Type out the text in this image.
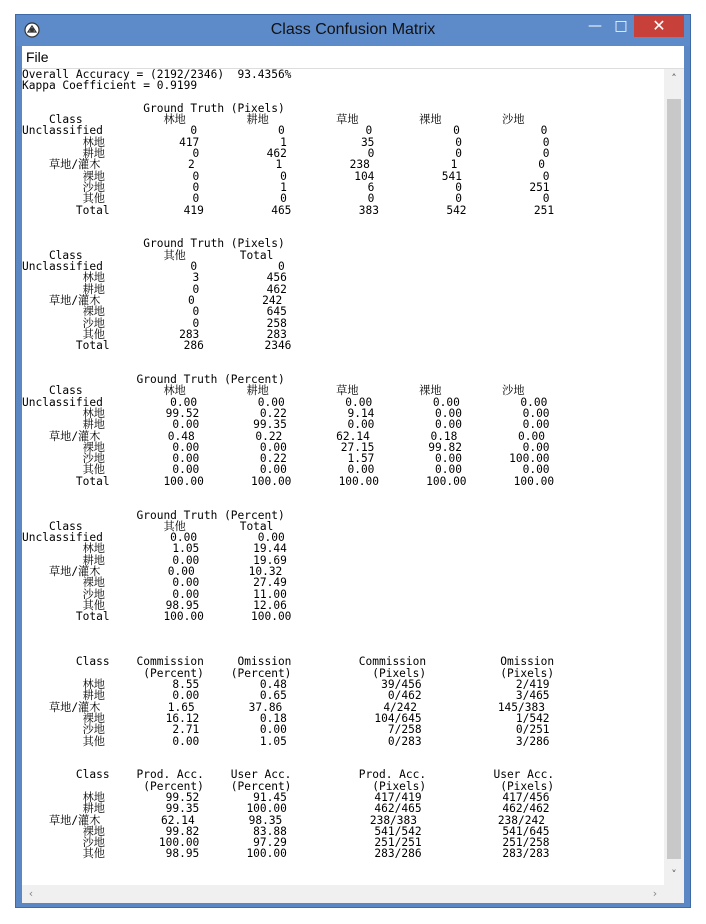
Class Confusion Matrix	— □	✕
File
Overall Accuracy = (2192/2346)  93.4356%
Kappa Coefficient = 0.9199

Ground Truth (Pixels)
Class            林地         耕地          草地         裸地         沙地
Unclassified             0            0            0            0            0
林地           417            1           35            0            0
耕地             0          462            0            0            0
草地/灌木             2            1          238            1            0
裸地             0            0          104          541            0
沙地             0            1            6            0          251
其他             0            0            0            0            0
Total           419          465          383          542          251

Ground Truth (Pixels)
Class            其他        Total
Unclassified             0            0
林地             3          456
耕地             0          462
草地/灌木             0          242
裸地             0          645
沙地             0          258
其他           283          283
Total           286         2346

Ground Truth (Percent)
Class            林地         耕地          草地         裸地         沙地
Unclassified          0.00         0.00         0.00         0.00         0.00
林地         99.52         0.22         9.14         0.00         0.00
耕地          0.00        99.35         0.00         0.00         0.00
草地/灌木          0.48         0.22        62.14         0.18         0.00
裸地          0.00         0.00        27.15        99.82         0.00
沙地          0.00         0.22         1.57         0.00       100.00
其他          0.00         0.00         0.00         0.00         0.00
Total        100.00       100.00       100.00       100.00       100.00

Ground Truth (Percent)
Class            其他        Total
Unclassified          0.00         0.00
林地          1.05        19.44
耕地          0.00        19.69
草地/灌木          0.00        10.32
裸地          0.00        27.49
沙地          0.00        11.00
其他         98.95        12.06
Total        100.00       100.00

Class    Commission     Omission          Commission           Omission
(Percent)    (Percent)            (Pixels)           (Pixels)
林地          8.55         0.48              39/456              2/419
耕地          0.00         0.65               0/462              3/465
草地/灌木          1.65        37.86               4/242            145/383
裸地         16.12         0.18             104/645              1/542
沙地          2.71         0.00               7/258              0/251
其他          0.00         1.05               0/283              3/286

Class    Prod. Acc.    User Acc.          Prod. Acc.          User Acc.
(Percent)    (Percent)            (Pixels)           (Pixels)
林地         99.52        91.45             417/419            417/456
耕地         99.35       100.00             462/465            462/462
草地/灌木         62.14        98.35             238/383            238/242
裸地         99.82        83.88             541/542            541/645
沙地        100.00        97.29             251/251            251/258
其他         98.95       100.00             283/286            283/283
˄
˅
‹	›
